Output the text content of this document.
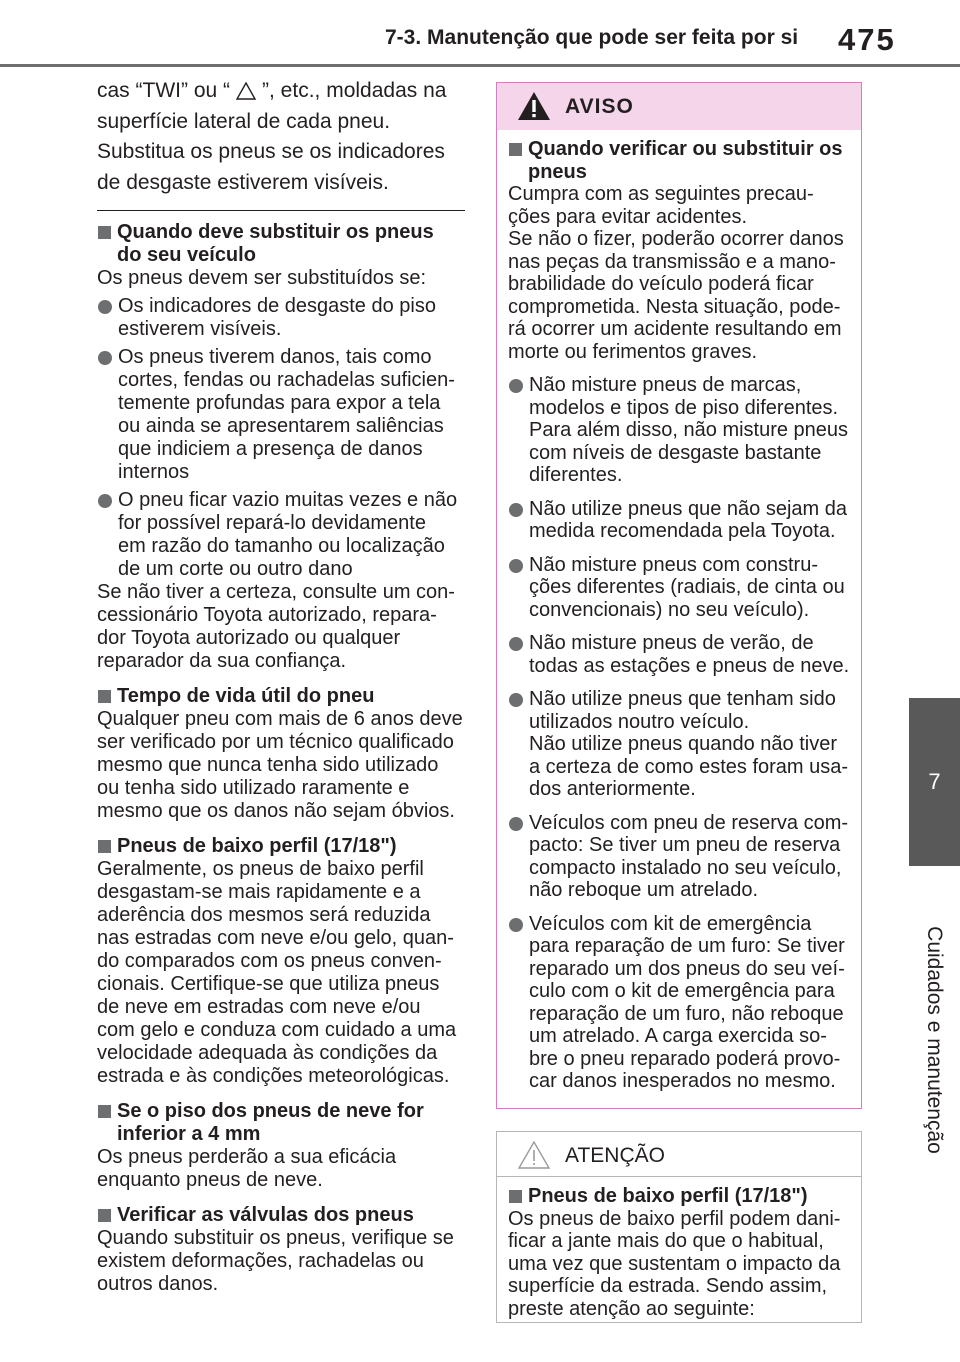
7-3. Manutenção que pode ser feita por si 475
7
Cuidados e manutenção
cas “TWI” ou “ ”, etc., moldadas na
superfície lateral de cada pneu.
Substitua os pneus se os indicadores
de desgaste estiverem visíveis.
Quando deve substituir os pneus
do seu veículo
Os pneus devem ser substituídos se:
Os indicadores de desgaste do piso
estiverem visíveis.
Os pneus tiverem danos, tais como
cortes, fendas ou rachadelas suficien-
temente profundas para expor a tela
ou ainda se apresentarem saliências
que indiciem a presença de danos
internos
O pneu ficar vazio muitas vezes e não
for possível repará-lo devidamente
em razão do tamanho ou localização
de um corte ou outro dano
Se não tiver a certeza, consulte um con-
cessionário Toyota autorizado, repara-
dor Toyota autorizado ou qualquer
reparador da sua confiança.
Tempo de vida útil do pneu
Qualquer pneu com mais de 6 anos deve
ser verificado por um técnico qualificado
mesmo que nunca tenha sido utilizado
ou tenha sido utilizado raramente e
mesmo que os danos não sejam óbvios.
Pneus de baixo perfil (17/18")
Geralmente, os pneus de baixo perfil
desgastam-se mais rapidamente e a
aderência dos mesmos será reduzida
nas estradas com neve e/ou gelo, quan-
do comparados com os pneus conven-
cionais. Certifique-se que utiliza pneus
de neve em estradas com neve e/ou
com gelo e conduza com cuidado a uma
velocidade adequada às condições da
estrada e às condições meteorológicas.
Se o piso dos pneus de neve for
inferior a 4 mm
Os pneus perderão a sua eficácia
enquanto pneus de neve.
Verificar as válvulas dos pneus
Quando substituir os pneus, verifique se
existem deformações, rachadelas ou
outros danos.
AVISO
Quando verificar ou substituir os
pneus
Cumpra com as seguintes precau-
ções para evitar acidentes.
Se não o fizer, poderão ocorrer danos
nas peças da transmissão e a mano-
brabilidade do veículo poderá ficar
comprometida. Nesta situação, pode-
rá ocorrer um acidente resultando em
morte ou ferimentos graves.
Não misture pneus de marcas,
modelos e tipos de piso diferentes.
Para além disso, não misture pneus
com níveis de desgaste bastante
diferentes.
Não utilize pneus que não sejam da
medida recomendada pela Toyota.
Não misture pneus com constru-
ções diferentes (radiais, de cinta ou
convencionais) no seu veículo).
Não misture pneus de verão, de
todas as estações e pneus de neve.
Não utilize pneus que tenham sido
utilizados noutro veículo.
Não utilize pneus quando não tiver
a certeza de como estes foram usa-
dos anteriormente.
Veículos com pneu de reserva com-
pacto: Se tiver um pneu de reserva
compacto instalado no seu veículo,
não reboque um atrelado.
Veículos com kit de emergência
para reparação de um furo: Se tiver
reparado um dos pneus do seu veí-
culo com o kit de emergência para
reparação de um furo, não reboque
um atrelado. A carga exercida so-
bre o pneu reparado poderá provo-
car danos inesperados no mesmo.
ATENÇÃO
Pneus de baixo perfil (17/18")
Os pneus de baixo perfil podem dani-
ficar a jante mais do que o habitual,
uma vez que sustentam o impacto da
superfície da estrada. Sendo assim,
preste atenção ao seguinte:
